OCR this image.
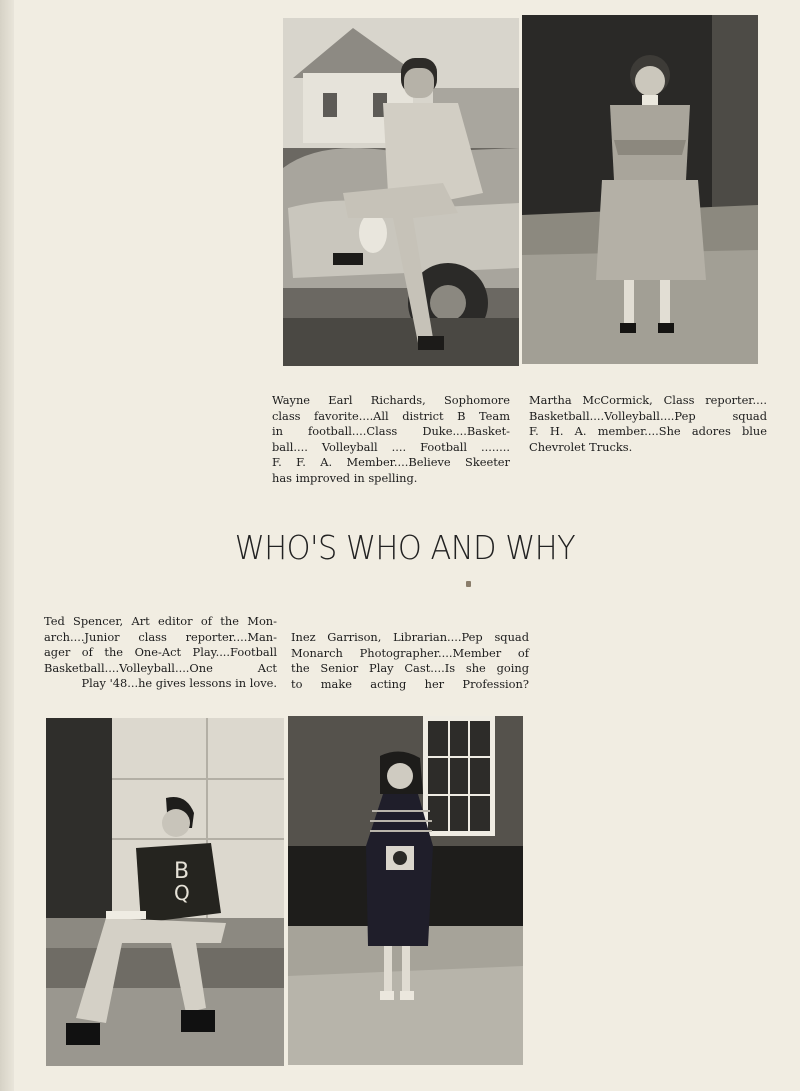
Wayne Earl Richards, Sophomore
class favorite....All district B Team
in football....Class Duke....Basket-
ball.... Volleyball .... Football ........
F. F. A. Member....Believe Skeeter
has improved in spelling.
Martha McCormick, Class reporter....
Basketball....Volleyball....Pep squad
F. H. A. member....She adores blue
Chevrolet Trucks.
WHO'S WHO AND WHY
Ted Spencer, Art editor of the Mon-
arch....Junior class reporter....Man-
ager of the One-Act Play....Football
Basketball....Volleyball....One Act
Play '48...he gives lessons in love.
Inez Garrison, Librarian....Pep squad
Monarch Photographer....Member of
the Senior Play Cast....Is she going
to make acting her Profession?
B
Q
